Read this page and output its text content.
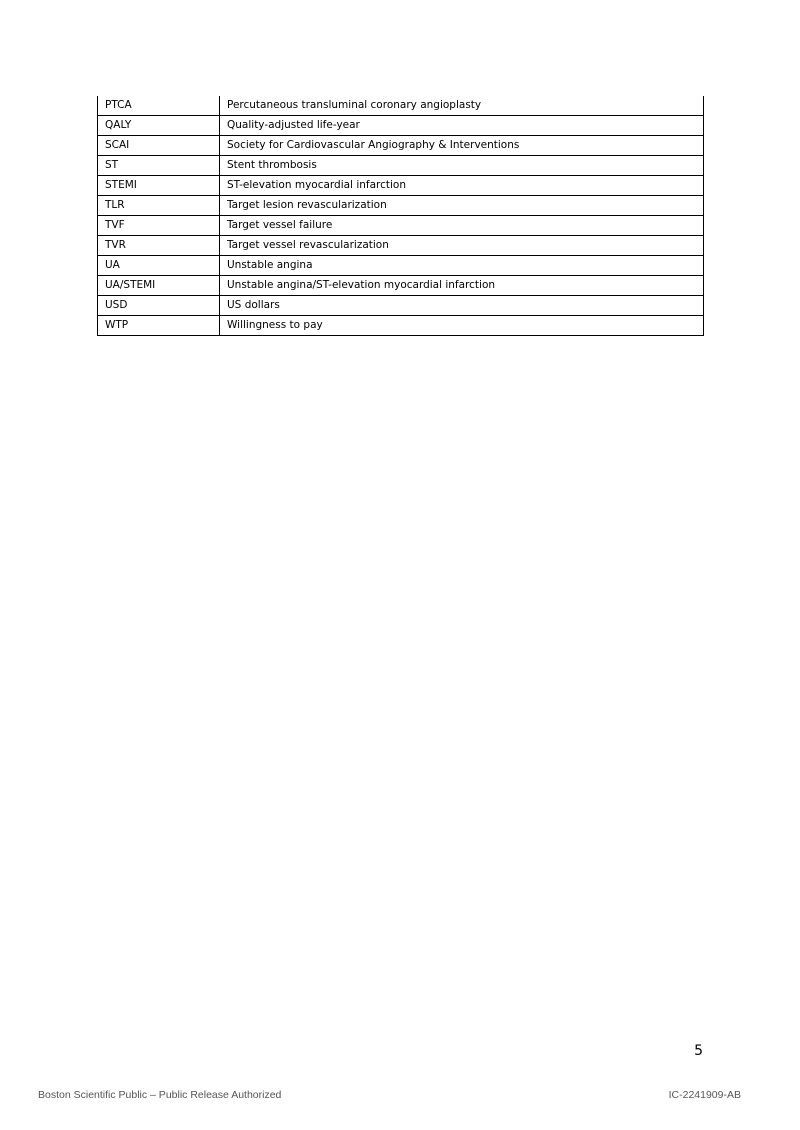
PTCA	Percutaneous transluminal coronary angioplasty
QALY	Quality-adjusted life-year
SCAI	Society for Cardiovascular Angiography & Interventions
ST	Stent thrombosis
STEMI	ST-elevation myocardial infarction
TLR	Target lesion revascularization
TVF	Target vessel failure
TVR	Target vessel revascularization
UA	Unstable angina
UA/STEMI	Unstable angina/ST-elevation myocardial infarction
USD	US dollars
WTP	Willingness to pay
5
Boston Scientific Public – Public Release Authorized	IC-2241909-AB
